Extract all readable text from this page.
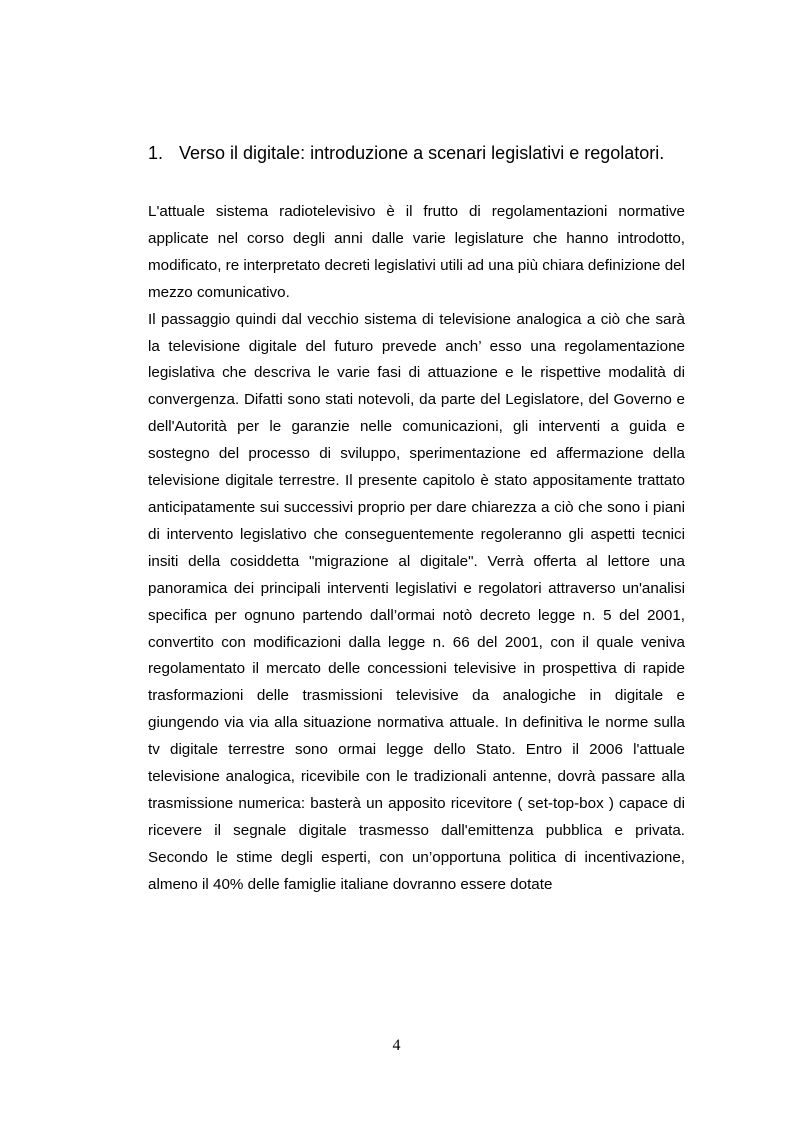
1. Verso il digitale: introduzione a scenari legislativi e regolatori.

L'attuale sistema radiotelevisivo è il frutto di regolamentazioni normative applicate nel corso degli anni dalle varie legislature che hanno introdotto, modificato, re interpretato decreti legislativi utili ad una più chiara definizione del mezzo comunicativo.

Il passaggio quindi dal vecchio sistema di televisione analogica a ciò che sarà la televisione digitale del futuro prevede anch’ esso una regolamentazione legislativa che descriva le varie fasi di attuazione e le rispettive modalità di convergenza. Difatti sono stati notevoli, da parte del Legislatore, del Governo e dell'Autorità per le garanzie nelle comunicazioni, gli interventi a guida e sostegno del processo di sviluppo, sperimentazione ed affermazione della televisione digitale terrestre. Il presente capitolo è stato appositamente trattato anticipatamente sui successivi proprio per dare chiarezza a ciò che sono i piani di intervento legislativo che conseguentemente regoleranno gli aspetti tecnici insiti della cosiddetta "migrazione al digitale". Verrà offerta al lettore una panoramica dei principali interventi legislativi e regolatori attraverso un'analisi specifica per ognuno partendo dall’ormai notò decreto legge n. 5 del 2001, convertito con modificazioni dalla legge n. 66 del 2001, con il quale veniva regolamentato il mercato delle concessioni televisive in prospettiva di rapide trasformazioni delle trasmissioni televisive da analogiche in digitale e giungendo via via alla situazione normativa attuale. In definitiva le norme sulla tv digitale terrestre sono ormai legge dello Stato. Entro il 2006 l'attuale televisione analogica, ricevibile con le tradizionali antenne, dovrà passare alla trasmissione numerica: basterà un apposito ricevitore ( set-top-box ) capace di ricevere il segnale digitale trasmesso dall'emittenza pubblica e privata. Secondo le stime degli esperti, con un’opportuna politica di incentivazione, almeno il 40% delle famiglie italiane dovranno essere dotate

4
